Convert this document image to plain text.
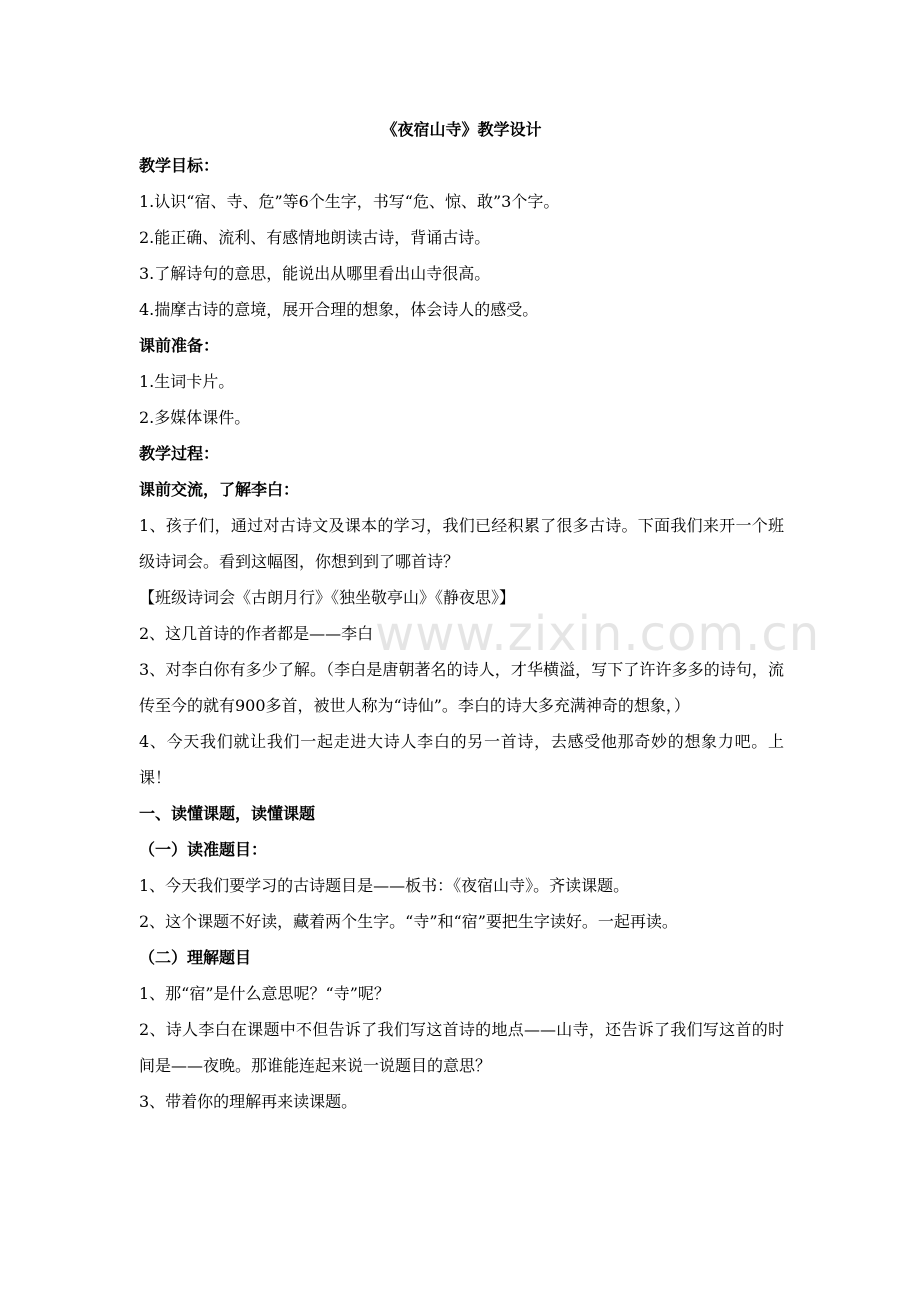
《夜宿山寺》教学设计
教学目标：
1.认识“宿、寺、危”等6个生字，书写“危、惊、敢”3个字。
2.能正确、流利、有感情地朗读古诗，背诵古诗。
3.了解诗句的意思，能说出从哪里看出山寺很高。
4.揣摩古诗的意境，展开合理的想象，体会诗人的感受。
课前准备：
1.生词卡片。
2.多媒体课件。
教学过程：
课前交流，了解李白：
1、孩子们，通过对古诗文及课本的学习，我们已经积累了很多古诗。下面我们来开一个班级诗词会。看到这幅图，你想到到了哪首诗？
【班级诗词会《古朗月行》《独坐敬亭山》《静夜思》】
2、这几首诗的作者都是——李白
3、对李白你有多少了解。（李白是唐朝著名的诗人，才华横溢，写下了许许多多的诗句，流传至今的就有900多首，被世人称为“诗仙”。李白的诗大多充满神奇的想象，）
4、今天我们就让我们一起走进大诗人李白的另一首诗，去感受他那奇妙的想象力吧。上课！
一、读懂课题，读懂课题
（一）读准题目：
1、今天我们要学习的古诗题目是——板书：《夜宿山寺》。齐读课题。
2、这个课题不好读，藏着两个生字。“寺”和“宿”要把生字读好。一起再读。
（二）理解题目
1、那“宿”是什么意思呢？“寺”呢？
2、诗人李白在课题中不但告诉了我们写这首诗的地点——山寺，还告诉了我们写这首的时间是——夜晚。那谁能连起来说一说题目的意思？
3、带着你的理解再来读课题。
www.zixin.com.cn
